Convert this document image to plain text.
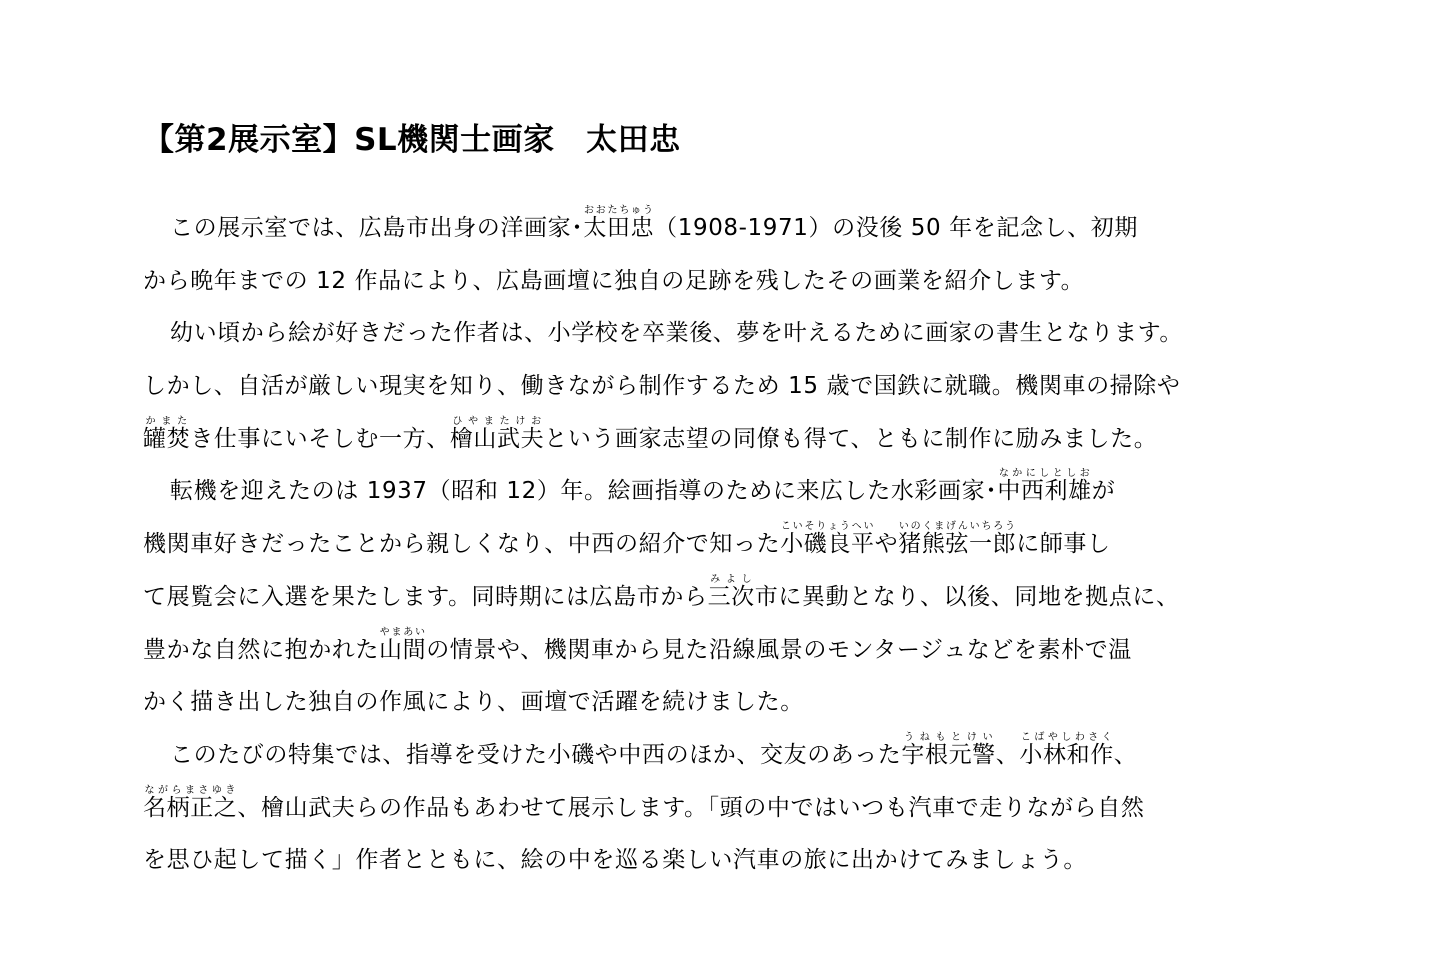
【第2展示室】SL機関士画家　太田忠
この展示室では、広島市出身の洋画家･太田忠おおたちゅう（1908-1971）の没後 50 年を記念し、初期
から晩年までの 12 作品により、広島画壇に独自の足跡を残したその画業を紹介します。
幼い頃から絵が好きだった作者は、小学校を卒業後、夢を叶えるために画家の書生となります。
しかし、自活が厳しい現実を知り、働きながら制作するため 15 歳で国鉄に就職。機関車の掃除や
罐焚かまたき仕事にいそしむ一方、檜山武夫ひやまたけおという画家志望の同僚も得て、ともに制作に励みました。
転機を迎えたのは 1937（昭和 12）年。絵画指導のために来広した水彩画家･中西利雄なかにしとしおが
機関車好きだったことから親しくなり、中西の紹介で知った小磯良平こいそりょうへいや猪熊弦一郎いのくまげんいちろうに師事し
て展覧会に入選を果たします。同時期には広島市から三次みよし市に異動となり、以後、同地を拠点に、
豊かな自然に抱かれた山間やまあいの情景や、機関車から見た沿線風景のモンタージュなどを素朴で温
かく描き出した独自の作風により、画壇で活躍を続けました。
このたびの特集では、指導を受けた小磯や中西のほか、交友のあった宇根元警うねもとけい、小林和作こばやしわさく、
名柄正之ながらまさゆき、檜山武夫らの作品もあわせて展示します。「頭の中ではいつも汽車で走りながら自然
を思ひ起して描く」作者とともに、絵の中を巡る楽しい汽車の旅に出かけてみましょう。
